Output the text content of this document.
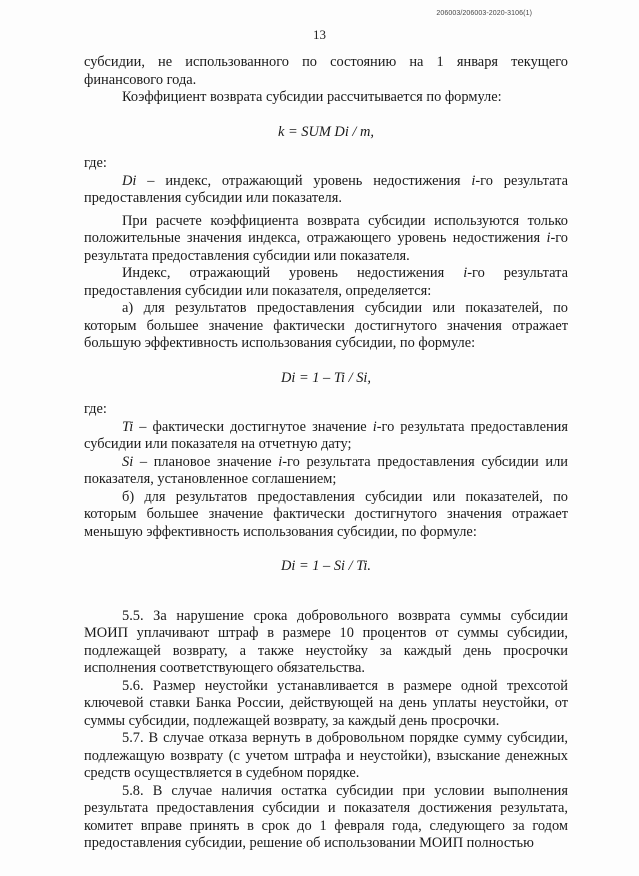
206003/206003-2020-3106(1)
13

субсидии, не использованного по состоянию на 1 января текущего финансового года.

Коэффициент возврата субсидии рассчитывается по формуле:

k = SUM Di / m,

где:

Di – индекс, отражающий уровень недостижения i-го результата предоставления субсидии или показателя.

При расчете коэффициента возврата субсидии используются только положительные значения индекса, отражающего уровень недостижения i-го результата предоставления субсидии или показателя.

Индекс, отражающий уровень недостижения i-го результата предоставления субсидии или показателя, определяется:

а) для результатов предоставления субсидии или показателей, по которым большее значение фактически достигнутого значения отражает большую эффективность использования субсидии, по формуле:

Di = 1 – Ti / Si,

где:

Ti – фактически достигнутое значение i-го результата предоставления субсидии или показателя на отчетную дату;

Si – плановое значение i-го результата предоставления субсидии или показателя, установленное соглашением;

б) для результатов предоставления субсидии или показателей, по которым большее значение фактически достигнутого значения отражает меньшую эффективность использования субсидии, по формуле:

Di = 1 – Si / Ti.

5.5. За нарушение срока добровольного возврата суммы субсидии МОИП уплачивают штраф в размере 10 процентов от суммы субсидии, подлежащей возврату, а также неустойку за каждый день просрочки исполнения соответствующего обязательства.

5.6. Размер неустойки устанавливается в размере одной трехсотой ключевой ставки Банка России, действующей на день уплаты неустойки, от суммы субсидии, подлежащей возврату, за каждый день просрочки.

5.7. В случае отказа вернуть в добровольном порядке сумму субсидии, подлежащую возврату (с учетом штрафа и неустойки), взыскание денежных средств осуществляется в судебном порядке.

5.8. В случае наличия остатка субсидии при условии выполнения результата предоставления субсидии и показателя достижения результата, комитет вправе принять в срок до 1 февраля года, следующего за годом предоставления субсидии, решение об использовании МОИП полностью
